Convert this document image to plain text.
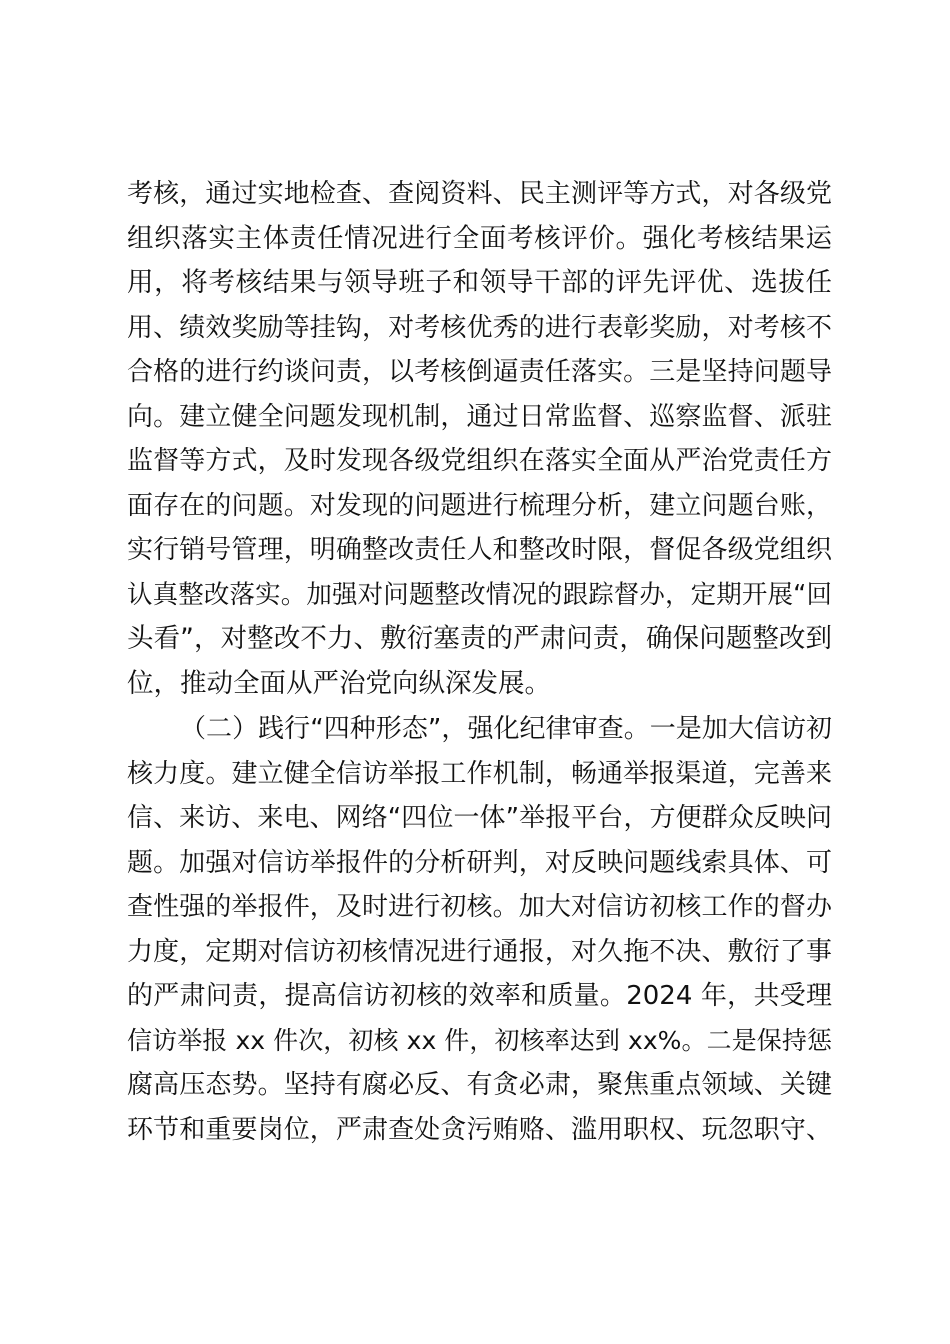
考核，通过实地检查、查阅资料、民主测评等方式，对各级党
组织落实主体责任情况进行全面考核评价。强化考核结果运
用，将考核结果与领导班子和领导干部的评先评优、选拔任
用、绩效奖励等挂钩，对考核优秀的进行表彰奖励，对考核不
合格的进行约谈问责，以考核倒逼责任落实。三是坚持问题导
向。建立健全问题发现机制，通过日常监督、巡察监督、派驻
监督等方式，及时发现各级党组织在落实全面从严治党责任方
面存在的问题。对发现的问题进行梳理分析，建立问题台账，
实行销号管理，明确整改责任人和整改时限，督促各级党组织
认真整改落实。加强对问题整改情况的跟踪督办，定期开展“回
头看”，对整改不力、敷衍塞责的严肃问责，确保问题整改到
位，推动全面从严治党向纵深发展。
（二）践行“四种形态”，强化纪律审查。一是加大信访初
核力度。建立健全信访举报工作机制，畅通举报渠道，完善来
信、来访、来电、网络“四位一体”举报平台，方便群众反映问
题。加强对信访举报件的分析研判，对反映问题线索具体、可
查性强的举报件，及时进行初核。加大对信访初核工作的督办
力度，定期对信访初核情况进行通报，对久拖不决、敷衍了事
的严肃问责，提高信访初核的效率和质量。2024 年，共受理
信访举报 xx 件次，初核 xx 件，初核率达到 xx%。二是保持惩
腐高压态势。坚持有腐必反、有贪必肃，聚焦重点领域、关键
环节和重要岗位，严肃查处贪污贿赂、滥用职权、玩忽职守、
